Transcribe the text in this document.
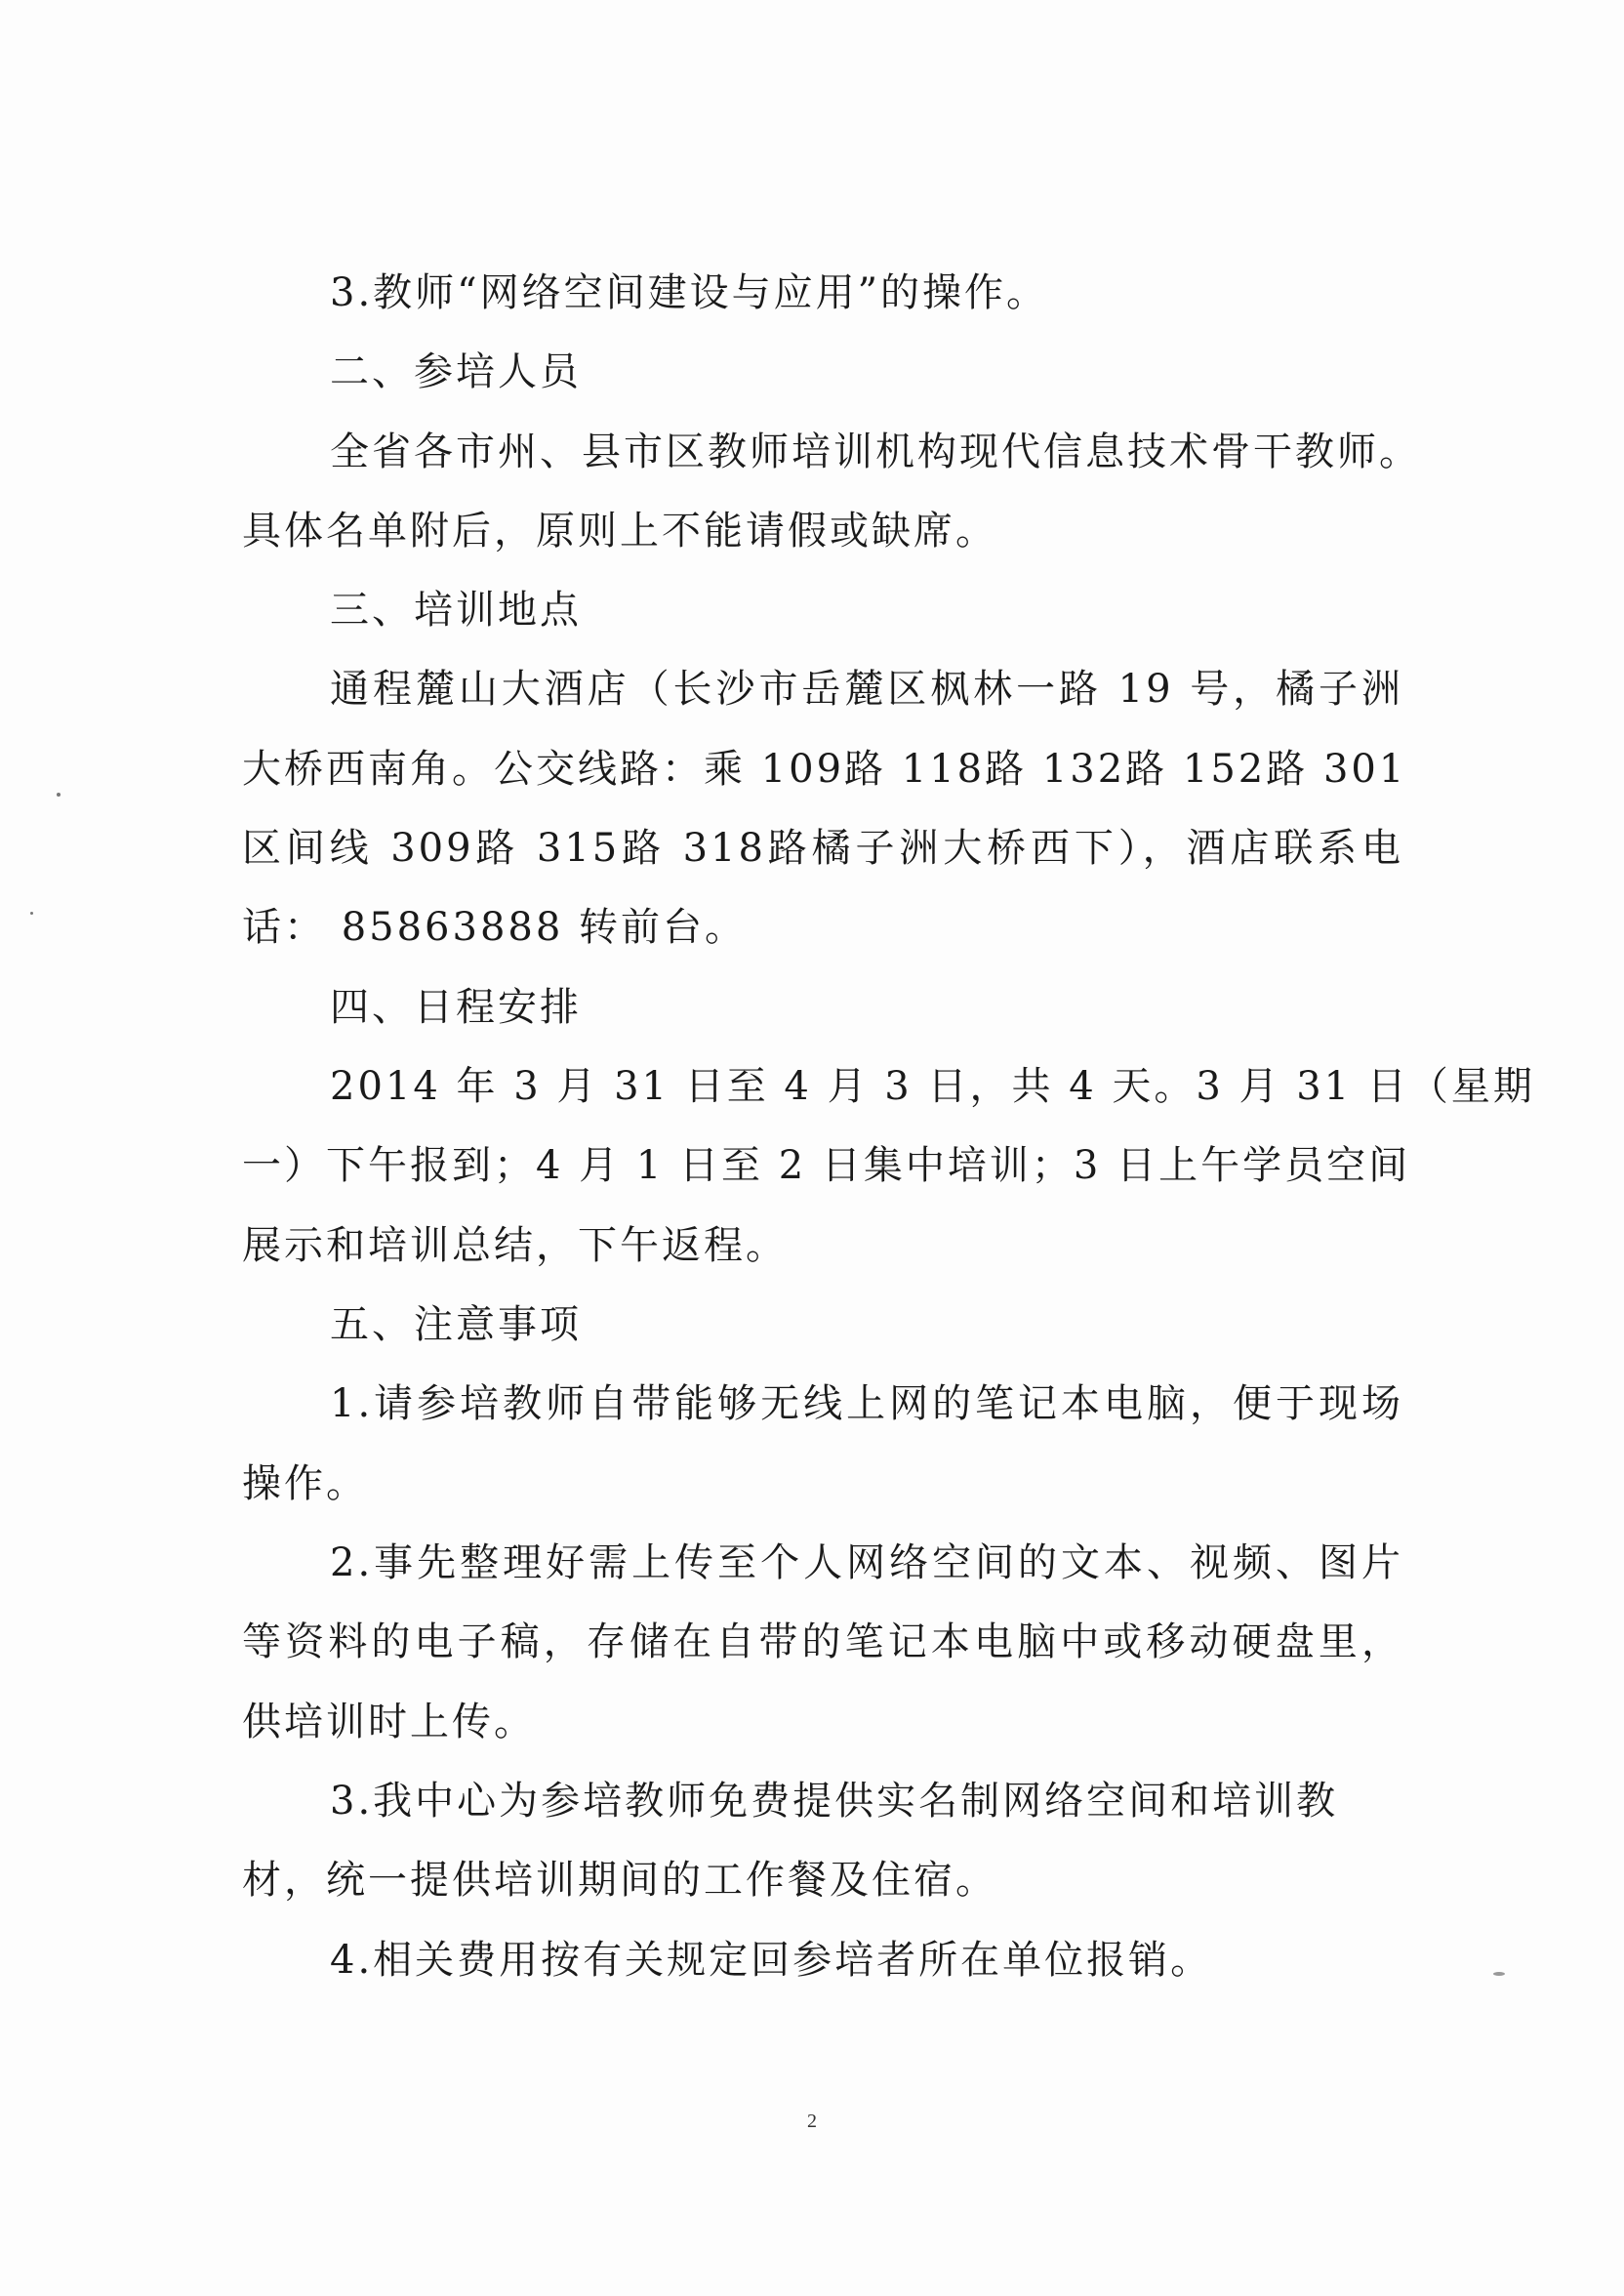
3.教师“网络空间建设与应用”的操作。
二、参培人员
全省各市州、县市区教师培训机构现代信息技术骨干教师。
具体名单附后，原则上不能请假或缺席。
三、培训地点
通程麓山大酒店（长沙市岳麓区枫林一路 19 号，橘子洲
大桥西南角。公交线路：乘 109路 118路 132路 152路 301
区间线 309路 315路 318路橘子洲大桥西下），酒店联系电
话： 85863888 转前台。
四、日程安排
2014 年 3 月 31 日至 4 月 3 日，共 4 天。3 月 31 日（星期
一）下午报到；4 月 1 日至 2 日集中培训；3 日上午学员空间
展示和培训总结，下午返程。
五、注意事项
1.请参培教师自带能够无线上网的笔记本电脑，便于现场
操作。
2.事先整理好需上传至个人网络空间的文本、视频、图片
等资料的电子稿，存储在自带的笔记本电脑中或移动硬盘里，
供培训时上传。
3.我中心为参培教师免费提供实名制网络空间和培训教
材，统一提供培训期间的工作餐及住宿。
4.相关费用按有关规定回参培者所在单位报销。
2
